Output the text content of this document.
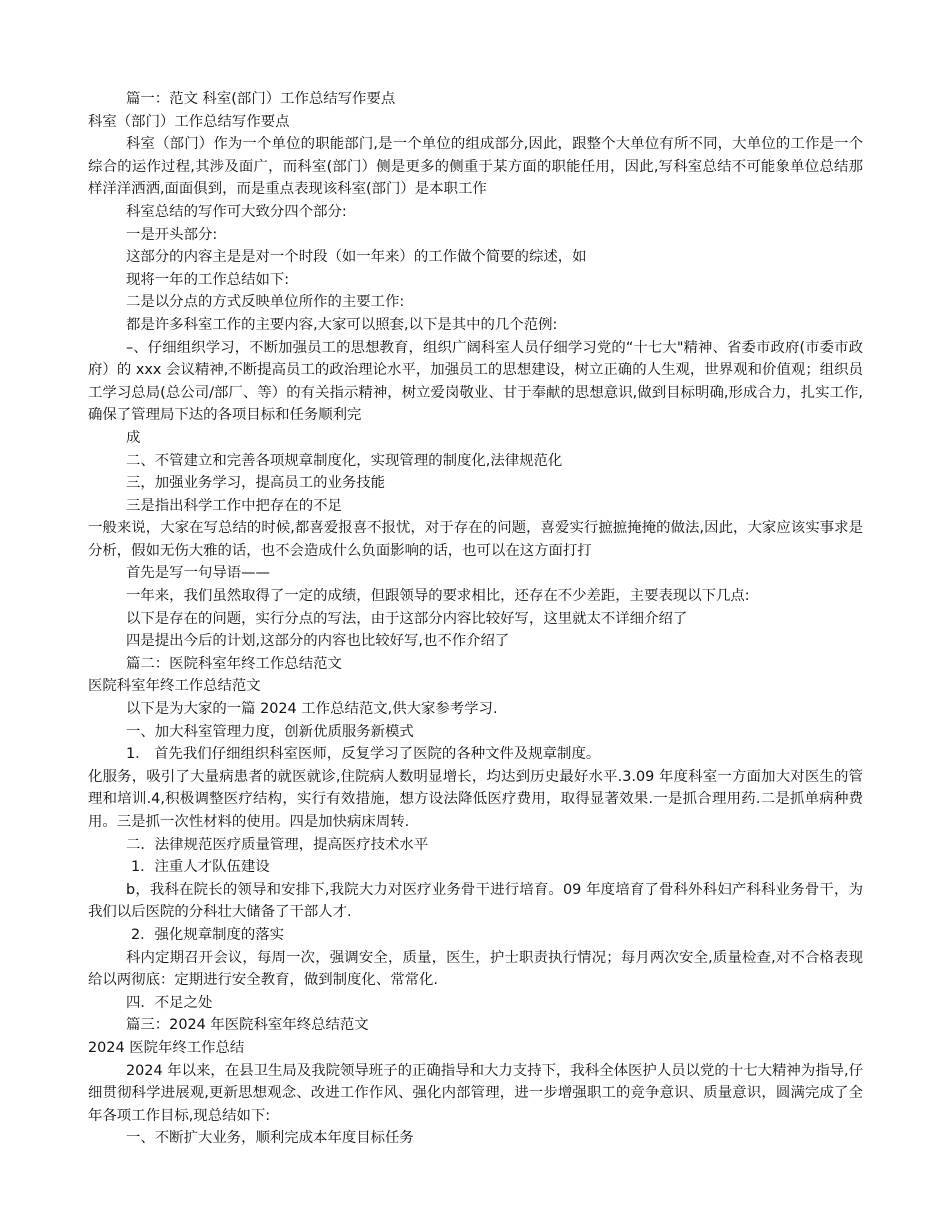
篇一：范文 科室(部门）工作总结写作要点

科室（部门）工作总结写作要点

科室（部门）作为一个单位的职能部门,是一个单位的组成部分,因此，跟整个大单位有所不同，大单位的工作是一个综合的运作过程,其涉及面广，而科室(部门）侧是更多的侧重于某方面的职能任用，因此,写科室总结不可能象单位总结那样洋洋洒洒,面面俱到，而是重点表现该科室(部门）是本职工作

科室总结的写作可大致分四个部分:

一是开头部分:

这部分的内容主是是对一个时段（如一年来）的工作做个简要的综述，如

现将一年的工作总结如下:

二是以分点的方式反映单位所作的主要工作:

都是许多科室工作的主要内容,大家可以照套,以下是其中的几个范例:

–、仔细组织学习，不断加强员工的思想教育，组织广阔科室人员仔细学习党的“十七大"精神、省委市政府(市委市政府）的 xxx 会议精神,不断提高员工的政治理论水平，加强员工的思想建设，树立正确的人生观，世界观和价值观；组织员工学习总局(总公司/部厂、等）的有关指示精神，树立爱岗敬业、甘于奉献的思想意识,做到目标明确,形成合力，扎实工作,确保了管理局下达的各项目标和任务顺利完

成

二、不管建立和完善各项规章制度化，实现管理的制度化,法律规范化

三，加强业务学习，提高员工的业务技能

三是指出科学工作中把存在的不足

一般来说，大家在写总结的时候,都喜爱报喜不报忧，对于存在的问题，喜爱实行摭摭掩掩的做法,因此，大家应该实事求是分析，假如无伤大雅的话，也不会造成什么负面影响的话，也可以在这方面打打

首先是写一句导语——

一年来，我们虽然取得了一定的成绩，但跟领导的要求相比，还存在不少差距，主要表现以下几点:

以下是存在的问题，实行分点的写法，由于这部分内容比较好写，这里就太不详细介绍了

四是提出今后的计划,这部分的内容也比较好写,也不作介绍了

篇二：医院科室年终工作总结范文

医院科室年终工作总结范文

以下是为大家的一篇 2024 工作总结范文,供大家参考学习.

一、加大科室管理力度，创新优质服务新模式

1． 首先我们仔细组织科室医师，反复学习了医院的各种文件及规章制度。

化服务，吸引了大量病患者的就医就诊,住院病人数明显增长，均达到历史最好水平.3.09 年度科室一方面加大对医生的管理和培训.4,积极调整医疗结构，实行有效措施，想方设法降低医疗费用，取得显著效果.一是抓合理用药.二是抓单病种费用。三是抓一次性材料的使用。四是加快病床周转.

二．法律规范医疗质量管理，提高医疗技术水平

1．注重人才队伍建设

b，我科在院长的领导和安排下,我院大力对医疗业务骨干进行培育。09 年度培育了骨科外科妇产科科业务骨干，为我们以后医院的分科壮大储备了干部人才.

2．强化规章制度的落实

科内定期召开会议，每周一次，强调安全，质量，医生，护士职责执行情况；每月两次安全,质量检查,对不合格表现给以两彻底：定期进行安全教育，做到制度化、常常化.

四．不足之处

篇三：2024 年医院科室年终总结范文

2024 医院年终工作总结

2024 年以来，在县卫生局及我院领导班子的正确指导和大力支持下，我科全体医护人员以党的十七大精神为指导,仔细贯彻科学进展观,更新思想观念、改进工作作风、强化内部管理，进一步增强职工的竞争意识、质量意识，圆满完成了全年各项工作目标,现总结如下:

一、不断扩大业务，顺利完成本年度目标任务
